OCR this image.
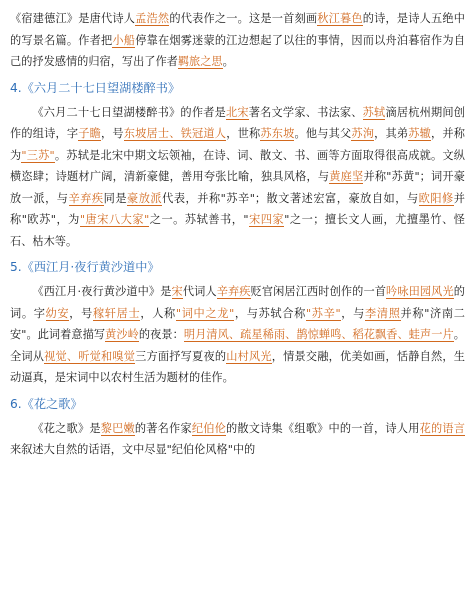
《宿建德江》是唐代诗人孟浩然的代表作之一。这是一首刻画秋江暮色的诗，是诗人五绝中的写景名篇。作者把小船停靠在烟雾迷蒙的江边想起了以往的事情，因而以舟泊暮宿作为自己的抒发感情的归宿，写出了作者羁旅之思。

4.《六月二十七日望湖楼醉书》

《六月二十七日望湖楼醉书》的作者是北宋著名文学家、书法家、苏轼滴居杭州期间创作的组诗，字子瞻，号东坡居士、铁冠道人，世称苏东坡。他与其父苏洵，其弟苏辙，并称为"三苏"。苏轼是北宋中期文坛领袖，在诗、词、散文、书、画等方面取得很高成就。文纵横恣肆；诗题材广阔，清新豪健，善用夸张比喻，独具风格，与黄庭坚并称"苏黄"；词开豪放一派，与辛弃疾同是豪放派代表，并称"苏辛"；散文著述宏富，豪放自如，与欧阳修并称"欧苏"，为"唐宋八大家"之一。苏轼善书，"宋四家"之一；擅长文人画，尤擅墨竹、怪石、枯木等。

5.《西江月·夜行黄沙道中》

《西江月·夜行黄沙道中》是宋代词人辛弃疾贬官闲居江西时创作的一首吟咏田园风光的词。字幼安，号稼轩居士，人称"词中之龙"，与苏轼合称"苏辛"，与李清照并称"济南二安"。此词着意描写黄沙岭的夜景：明月清风、疏星稀雨、鹊惊蝉鸣、稻花飘香、蛙声一片。全词从视觉、听觉和嗅觉三方面抒写夏夜的山村风光，情景交融，优美如画，恬静自然，生动逼真，是宋词中以农村生活为题材的佳作。

6.《花之歌》

《花之歌》是黎巴嫩的著名作家纪伯伦的散文诗集《组歌》中的一首，诗人用花的语言来叙述大自然的话语，文中尽显"纪伯伦风格"中的
